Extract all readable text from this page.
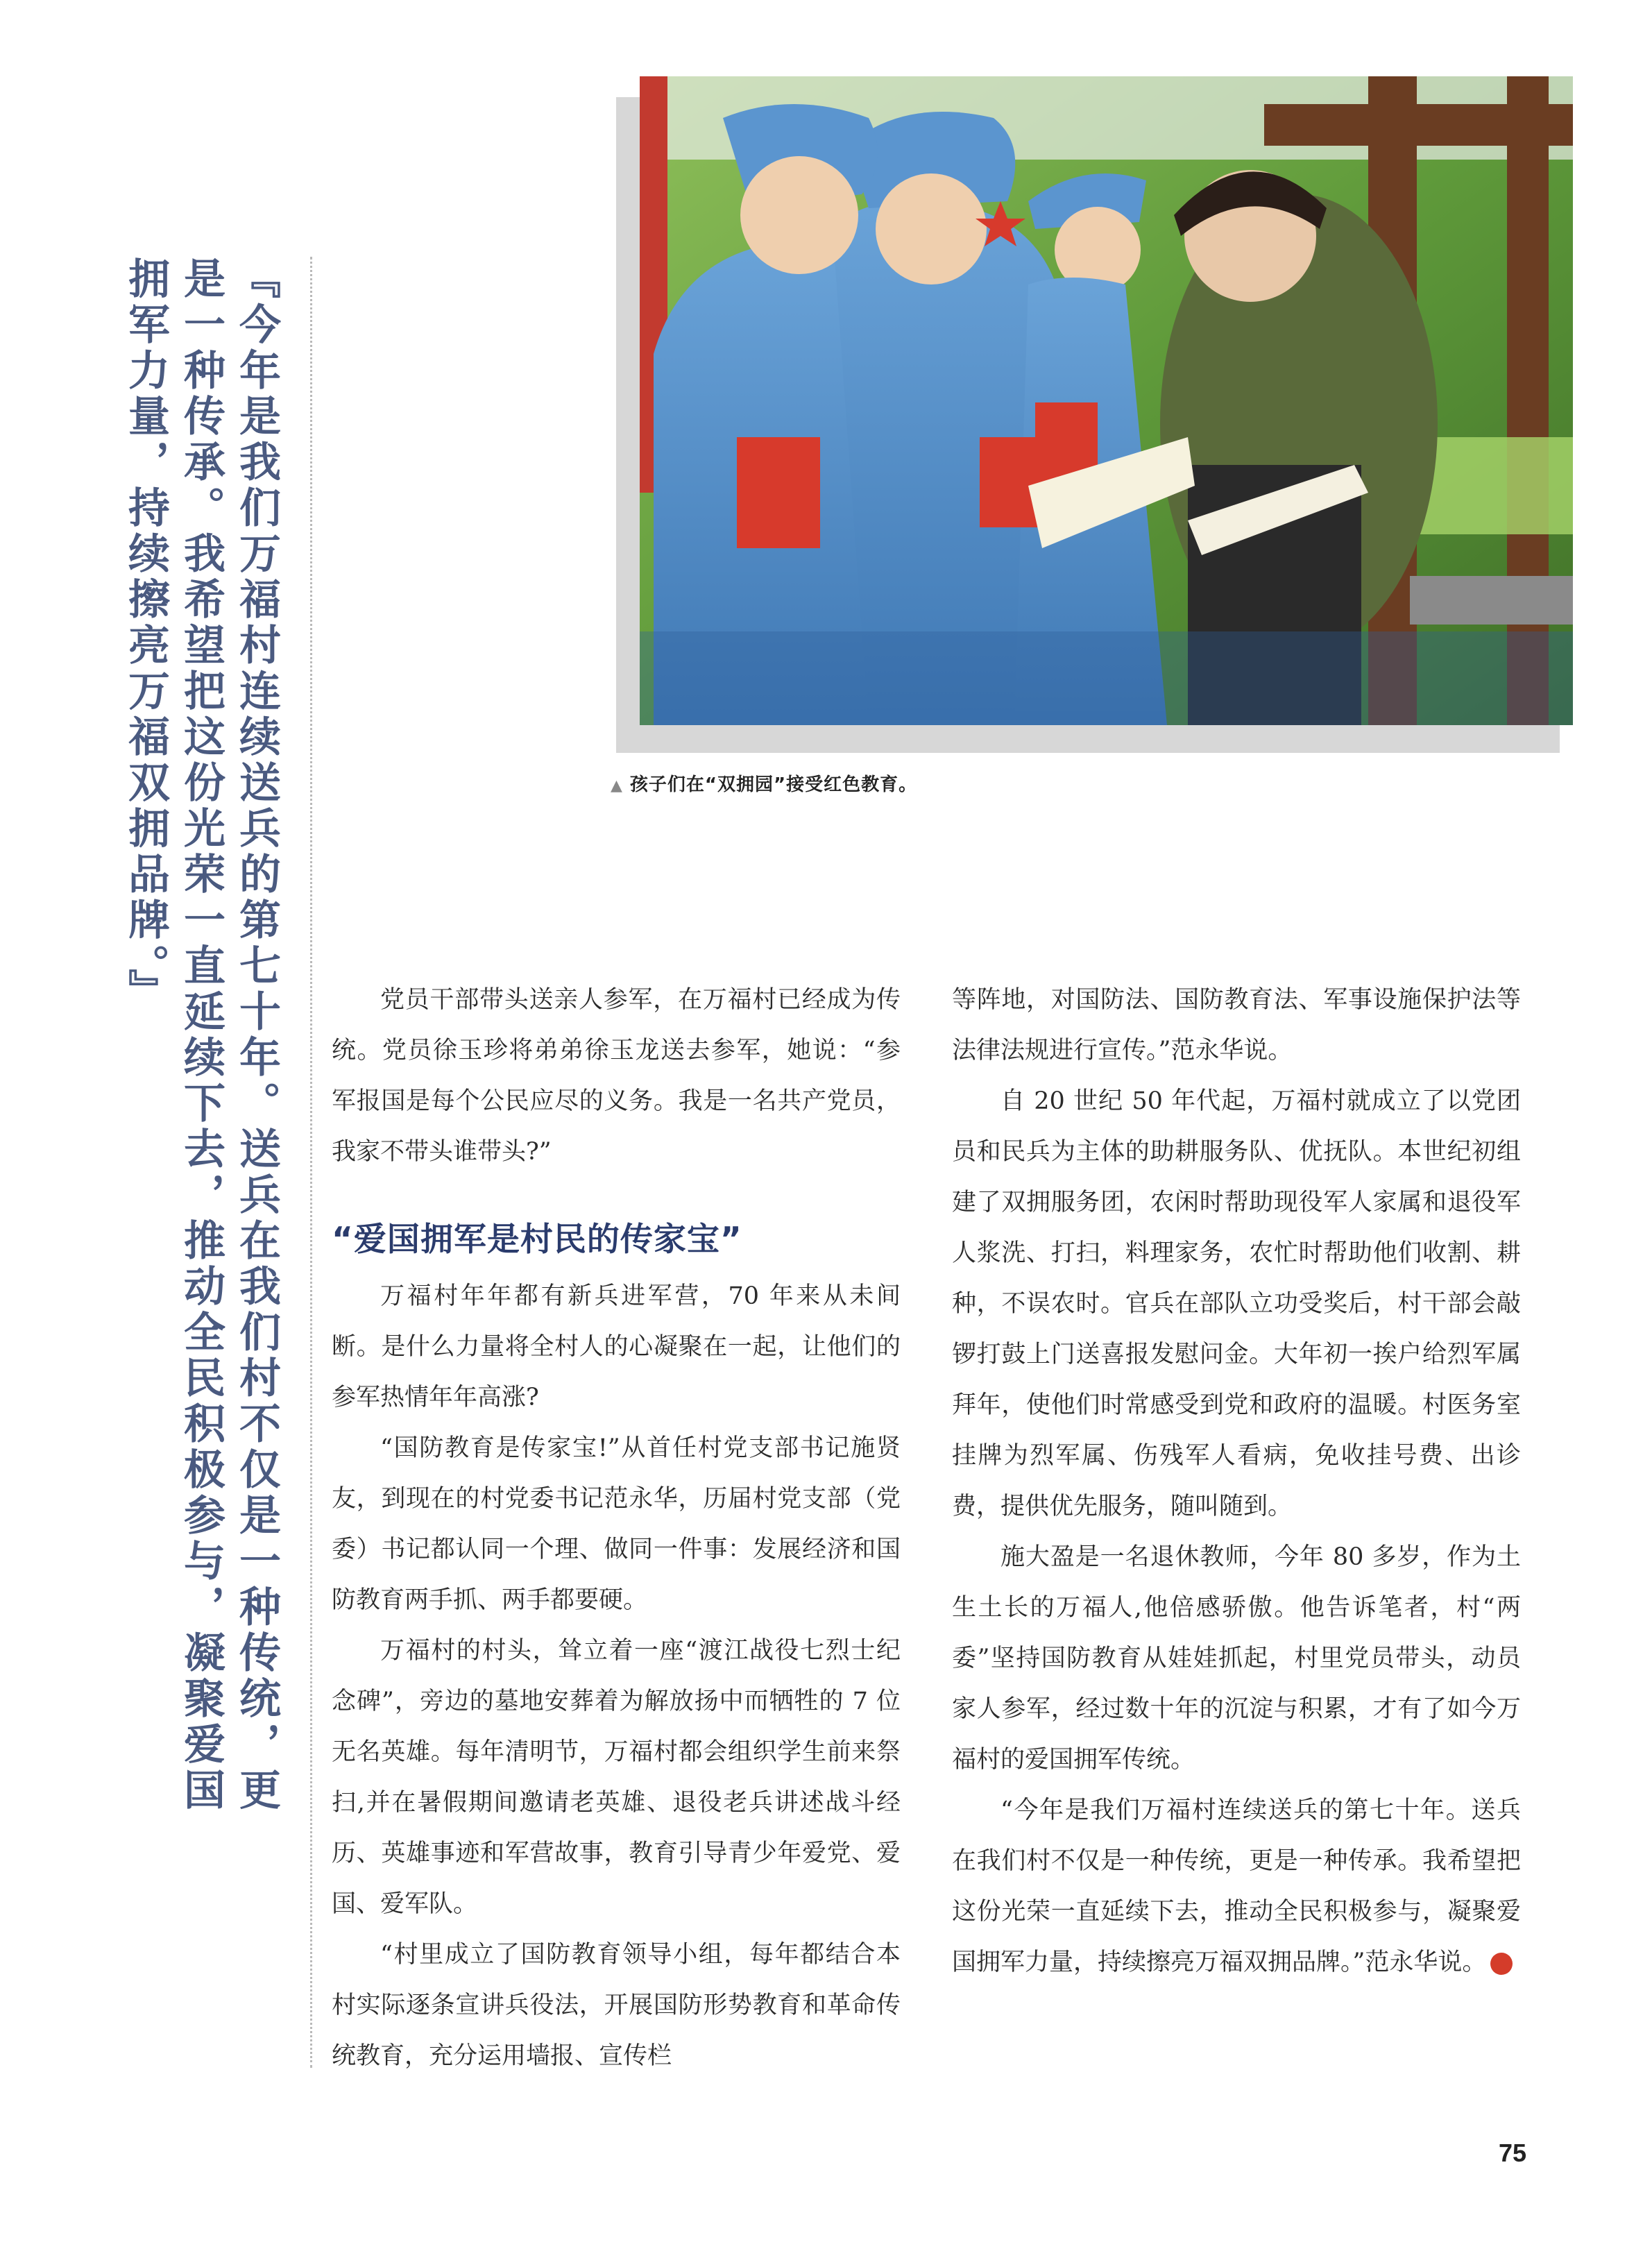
▲ 孩子们在“双拥园”接受红色教育。
『今年是我们万福村连续送兵的第七十年。送兵在我们村不仅是一种传统，更是一种传承。我希望把这份光荣一直延续下去，推动全民积极参与，凝聚爱国拥军力量，持续擦亮万福双拥品牌。』	党员干部带头送亲人参军，在万福村已经成为传统。党员徐玉珍将弟弟徐玉龙送去参军，她说：“参军报国是每个公民应尽的义务。我是一名共产党员，我家不带头谁带头?”

“爱国拥军是村民的传家宝”

万福村年年都有新兵进军营，70 年来从未间断。是什么力量将全村人的心凝聚在一起，让他们的参军热情年年高涨?

“国防教育是传家宝!”从首任村党支部书记施贤友，到现在的村党委书记范永华，历届村党支部（党委）书记都认同一个理、做同一件事：发展经济和国防教育两手抓、两手都要硬。

万福村的村头，耸立着一座“渡江战役七烈士纪念碑”，旁边的墓地安葬着为解放扬中而牺牲的 7 位无名英雄。每年清明节，万福村都会组织学生前来祭扫,并在暑假期间邀请老英雄、退役老兵讲述战斗经历、英雄事迹和军营故事，教育引导青少年爱党、爱国、爱军队。

“村里成立了国防教育领导小组，每年都结合本村实际逐条宣讲兵役法，开展国防形势教育和革命传统教育，充分运用墙报、宣传栏

等阵地，对国防法、国防教育法、军事设施保护法等法律法规进行宣传。”范永华说。

自 20 世纪 50 年代起，万福村就成立了以党团员和民兵为主体的助耕服务队、优抚队。本世纪初组建了双拥服务团，农闲时帮助现役军人家属和退役军人浆洗、打扫，料理家务，农忙时帮助他们收割、耕种，不误农时。官兵在部队立功受奖后，村干部会敲锣打鼓上门送喜报发慰问金。大年初一挨户给烈军属拜年，使他们时常感受到党和政府的温暖。村医务室挂牌为烈军属、伤残军人看病，免收挂号费、出诊费，提供优先服务，随叫随到。

施大盈是一名退休教师，今年 80 多岁，作为土生土长的万福人,他倍感骄傲。他告诉笔者，村“两委”坚持国防教育从娃娃抓起，村里党员带头，动员家人参军，经过数十年的沉淀与积累，才有了如今万福村的爱国拥军传统。

“今年是我们万福村连续送兵的第七十年。送兵在我们村不仅是一种传统，更是一种传承。我希望把这份光荣一直延续下去，推动全民积极参与，凝聚爱国拥军力量，持续擦亮万福双拥品牌。”范永华说。	N

75
